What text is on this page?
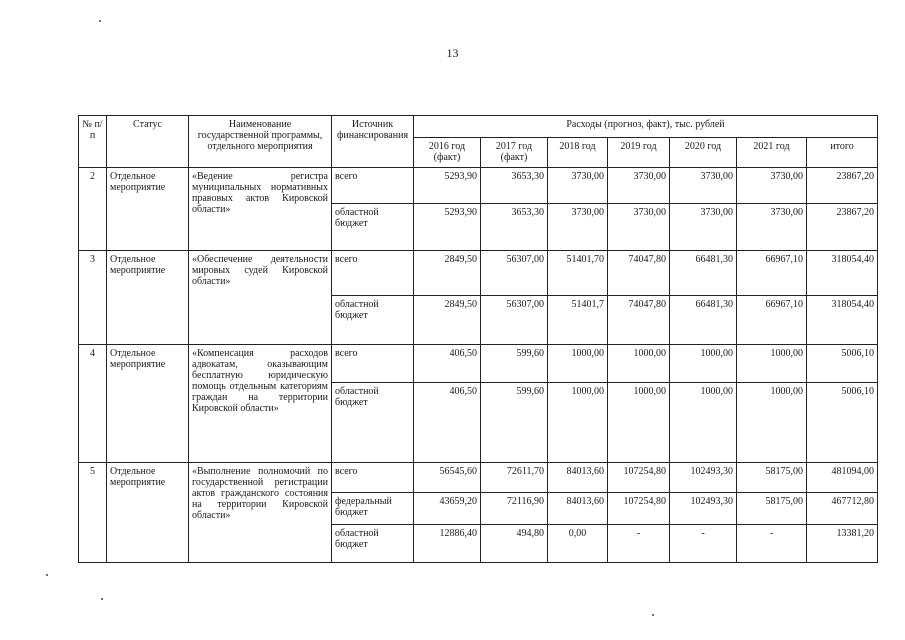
13
№ п/п	Статус	Наименование государственной программы, отдельного мероприятия	Источник финансирования	Расходы (прогноз, факт), тыс. рублей						
				2016 год (факт)	2017 год (факт)	2018 год	2019 год	2020 год	2021 год	итого
2	Отдельное мероприятие	«Ведение регистра муниципальных нормативных правовых актов Кировской области»	всего	5293,90	3653,30	3730,00	3730,00	3730,00	3730,00	23867,20
			областной бюджет	5293,90	3653,30	3730,00	3730,00	3730,00	3730,00	23867,20
3	Отдельное мероприятие	«Обеспечение деятельности мировых судей Кировской области»	всего	2849,50	56307,00	51401,70	74047,80	66481,30	66967,10	318054,40
			областной бюджет	2849,50	56307,00	51401,7	74047,80	66481,30	66967,10	318054,40
4	Отдельное мероприятие	«Компенсация расходов адвокатам, оказывающим бесплатную юридическую помощь отдельным категориям граждан на территории Кировской области»	всего	406,50	599,60	1000,00	1000,00	1000,00	1000,00	5006,10
			областной бюджет	406,50	599,60	1000,00	1000,00	1000,00	1000,00	5006,10
5	Отдельное мероприятие	«Выполнение полномочий по государственной регистрации актов гражданского состояния на территории Кировской области»	всего	56545,60	72611,70	84013,60	107254,80	102493,30	58175,00	481094,00
			федеральный бюджет	43659,20	72116,90	84013,60	107254,80	102493,30	58175,00	467712,80
			областной бюджет	12886,40	494,80	0,00	-	-	-	13381,20
